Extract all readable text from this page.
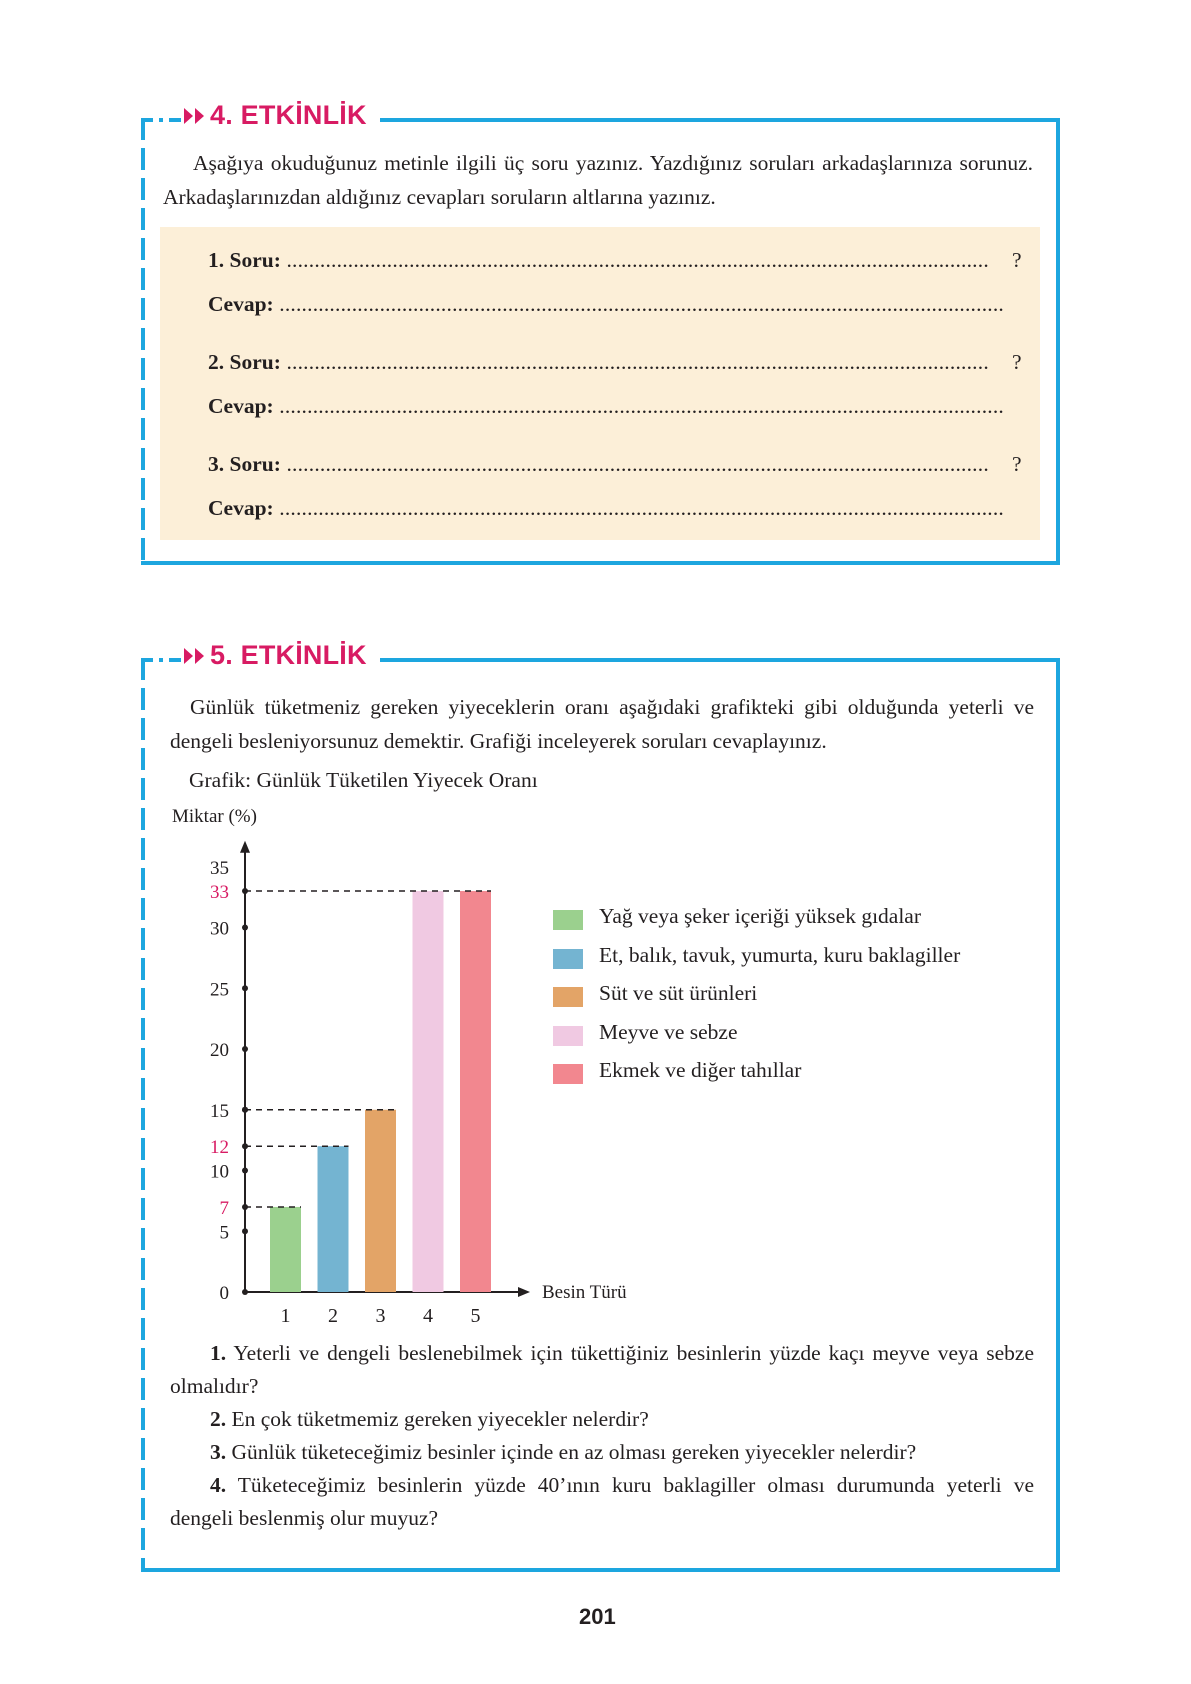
4. ETKİNLİK
Aşağıya okuduğunuz metinle ilgili üç soru yazınız. Yazdığınız soruları arkadaşlarınıza sorunuz. Arkadaşlarınızdan aldığınız cevapları soruların altlarına yazınız.
1. Soru: ..............................................................................................................................	?
Cevap: ..................................................................................................................................
2. Soru: ..............................................................................................................................	?
Cevap: ..................................................................................................................................
3. Soru: ..............................................................................................................................	?
Cevap: ..................................................................................................................................
5. ETKİNLİK
Günlük tüketmeniz gereken yiyeceklerin oranı aşağıdaki grafikteki gibi olduğunda yeterli ve dengeli besleniyorsunuz demektir. Grafiği inceleyerek soruları cevaplayınız.
Grafik: Günlük Tüketilen Yiyecek Oranı
Miktar (%)
Besin Türü
0
5
10
15
20
25
30
35
7
12
33
1 2 3 4 5
Yağ veya şeker içeriği yüksek gıdalar
Et, balık, tavuk, yumurta, kuru baklagiller
Süt ve süt ürünleri
Meyve ve sebze
Ekmek ve diğer tahıllar
1. Yeterli ve dengeli beslenebilmek için tükettiğiniz besinlerin yüzde kaçı meyve veya sebze olmalıdır?
2. En çok tüketmemiz gereken yiyecekler nelerdir?
3. Günlük tüketeceğimiz besinler içinde en az olması gereken yiyecekler nelerdir?
4. Tüketeceğimiz besinlerin yüzde 40’ının kuru baklagiller olması durumunda yeterli ve dengeli beslenmiş olur muyuz?
201
